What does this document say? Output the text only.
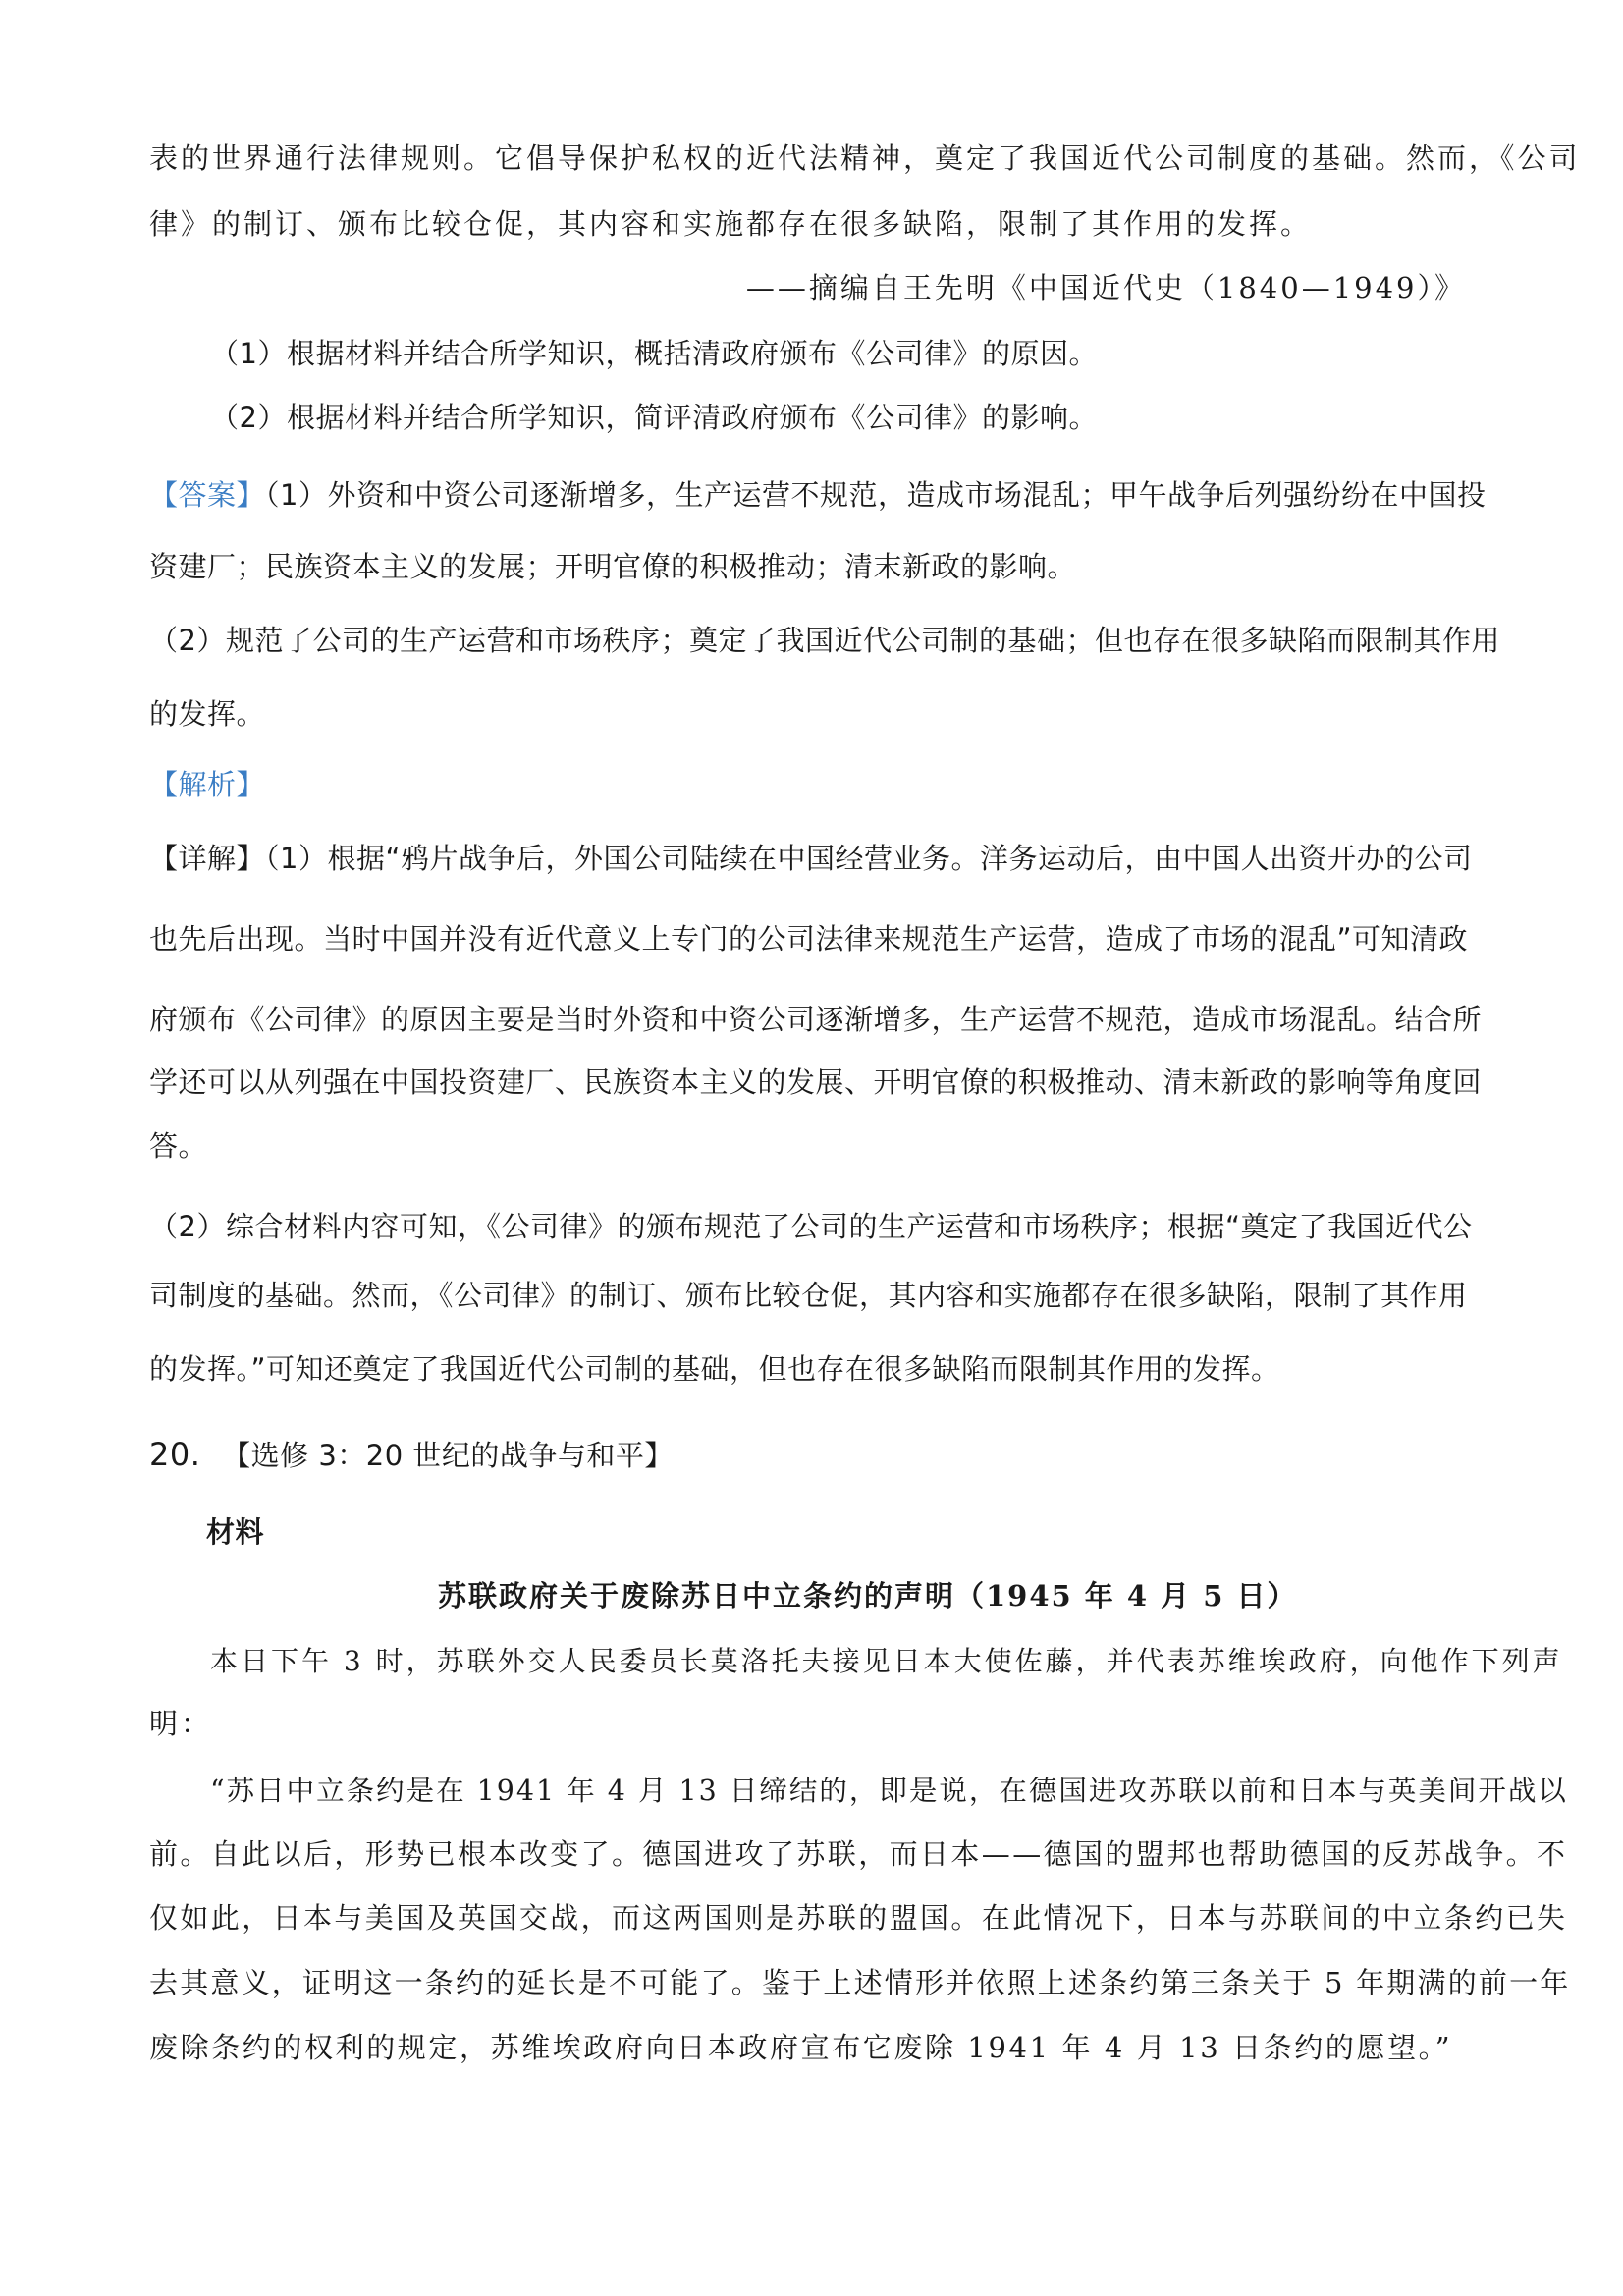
表的世界通行法律规则。它倡导保护私权的近代法精神，奠定了我国近代公司制度的基础。然而，《公司
律》的制订、颁布比较仓促，其内容和实施都存在很多缺陷，限制了其作用的发挥。
——摘编自王先明《中国近代史（1840—1949）》
（1）根据材料并结合所学知识，概括清政府颁布《公司律》的原因。
（2）根据材料并结合所学知识，简评清政府颁布《公司律》的影响。
【答案】（1）外资和中资公司逐渐增多，生产运营不规范，造成市场混乱；甲午战争后列强纷纷在中国投
资建厂；民族资本主义的发展；开明官僚的积极推动；清末新政的影响。
（2）规范了公司的生产运营和市场秩序；奠定了我国近代公司制的基础；但也存在很多缺陷而限制其作用
的发挥。
【解析】
【详解】（1）根据“鸦片战争后，外国公司陆续在中国经营业务。洋务运动后，由中国人出资开办的公司
也先后出现。当时中国并没有近代意义上专门的公司法律来规范生产运营，造成了市场的混乱”可知清政
府颁布《公司律》的原因主要是当时外资和中资公司逐渐增多，生产运营不规范，造成市场混乱。结合所
学还可以从列强在中国投资建厂、民族资本主义的发展、开明官僚的积极推动、清末新政的影响等角度回
答。
（2）综合材料内容可知，《公司律》的颁布规范了公司的生产运营和市场秩序；根据“奠定了我国近代公
司制度的基础。然而，《公司律》的制订、颁布比较仓促，其内容和实施都存在很多缺陷，限制了其作用
的发挥。”可知还奠定了我国近代公司制的基础，但也存在很多缺陷而限制其作用的发挥。
20. 【选修 3：20 世纪的战争与和平】
材料
苏联政府关于废除苏日中立条约的声明（1945 年 4 月 5 日）
本日下午 3 时，苏联外交人民委员长莫洛托夫接见日本大使佐藤，并代表苏维埃政府，向他作下列声
明：
“苏日中立条约是在 1941 年 4 月 13 日缔结的，即是说，在德国进攻苏联以前和日本与英美间开战以
前。自此以后，形势已根本改变了。德国进攻了苏联，而日本——德国的盟邦也帮助德国的反苏战争。不
仅如此，日本与美国及英国交战，而这两国则是苏联的盟国。在此情况下，日本与苏联间的中立条约已失
去其意义，证明这一条约的延长是不可能了。鉴于上述情形并依照上述条约第三条关于 5 年期满的前一年
废除条约的权利的规定，苏维埃政府向日本政府宣布它废除 1941 年 4 月 13 日条约的愿望。”
